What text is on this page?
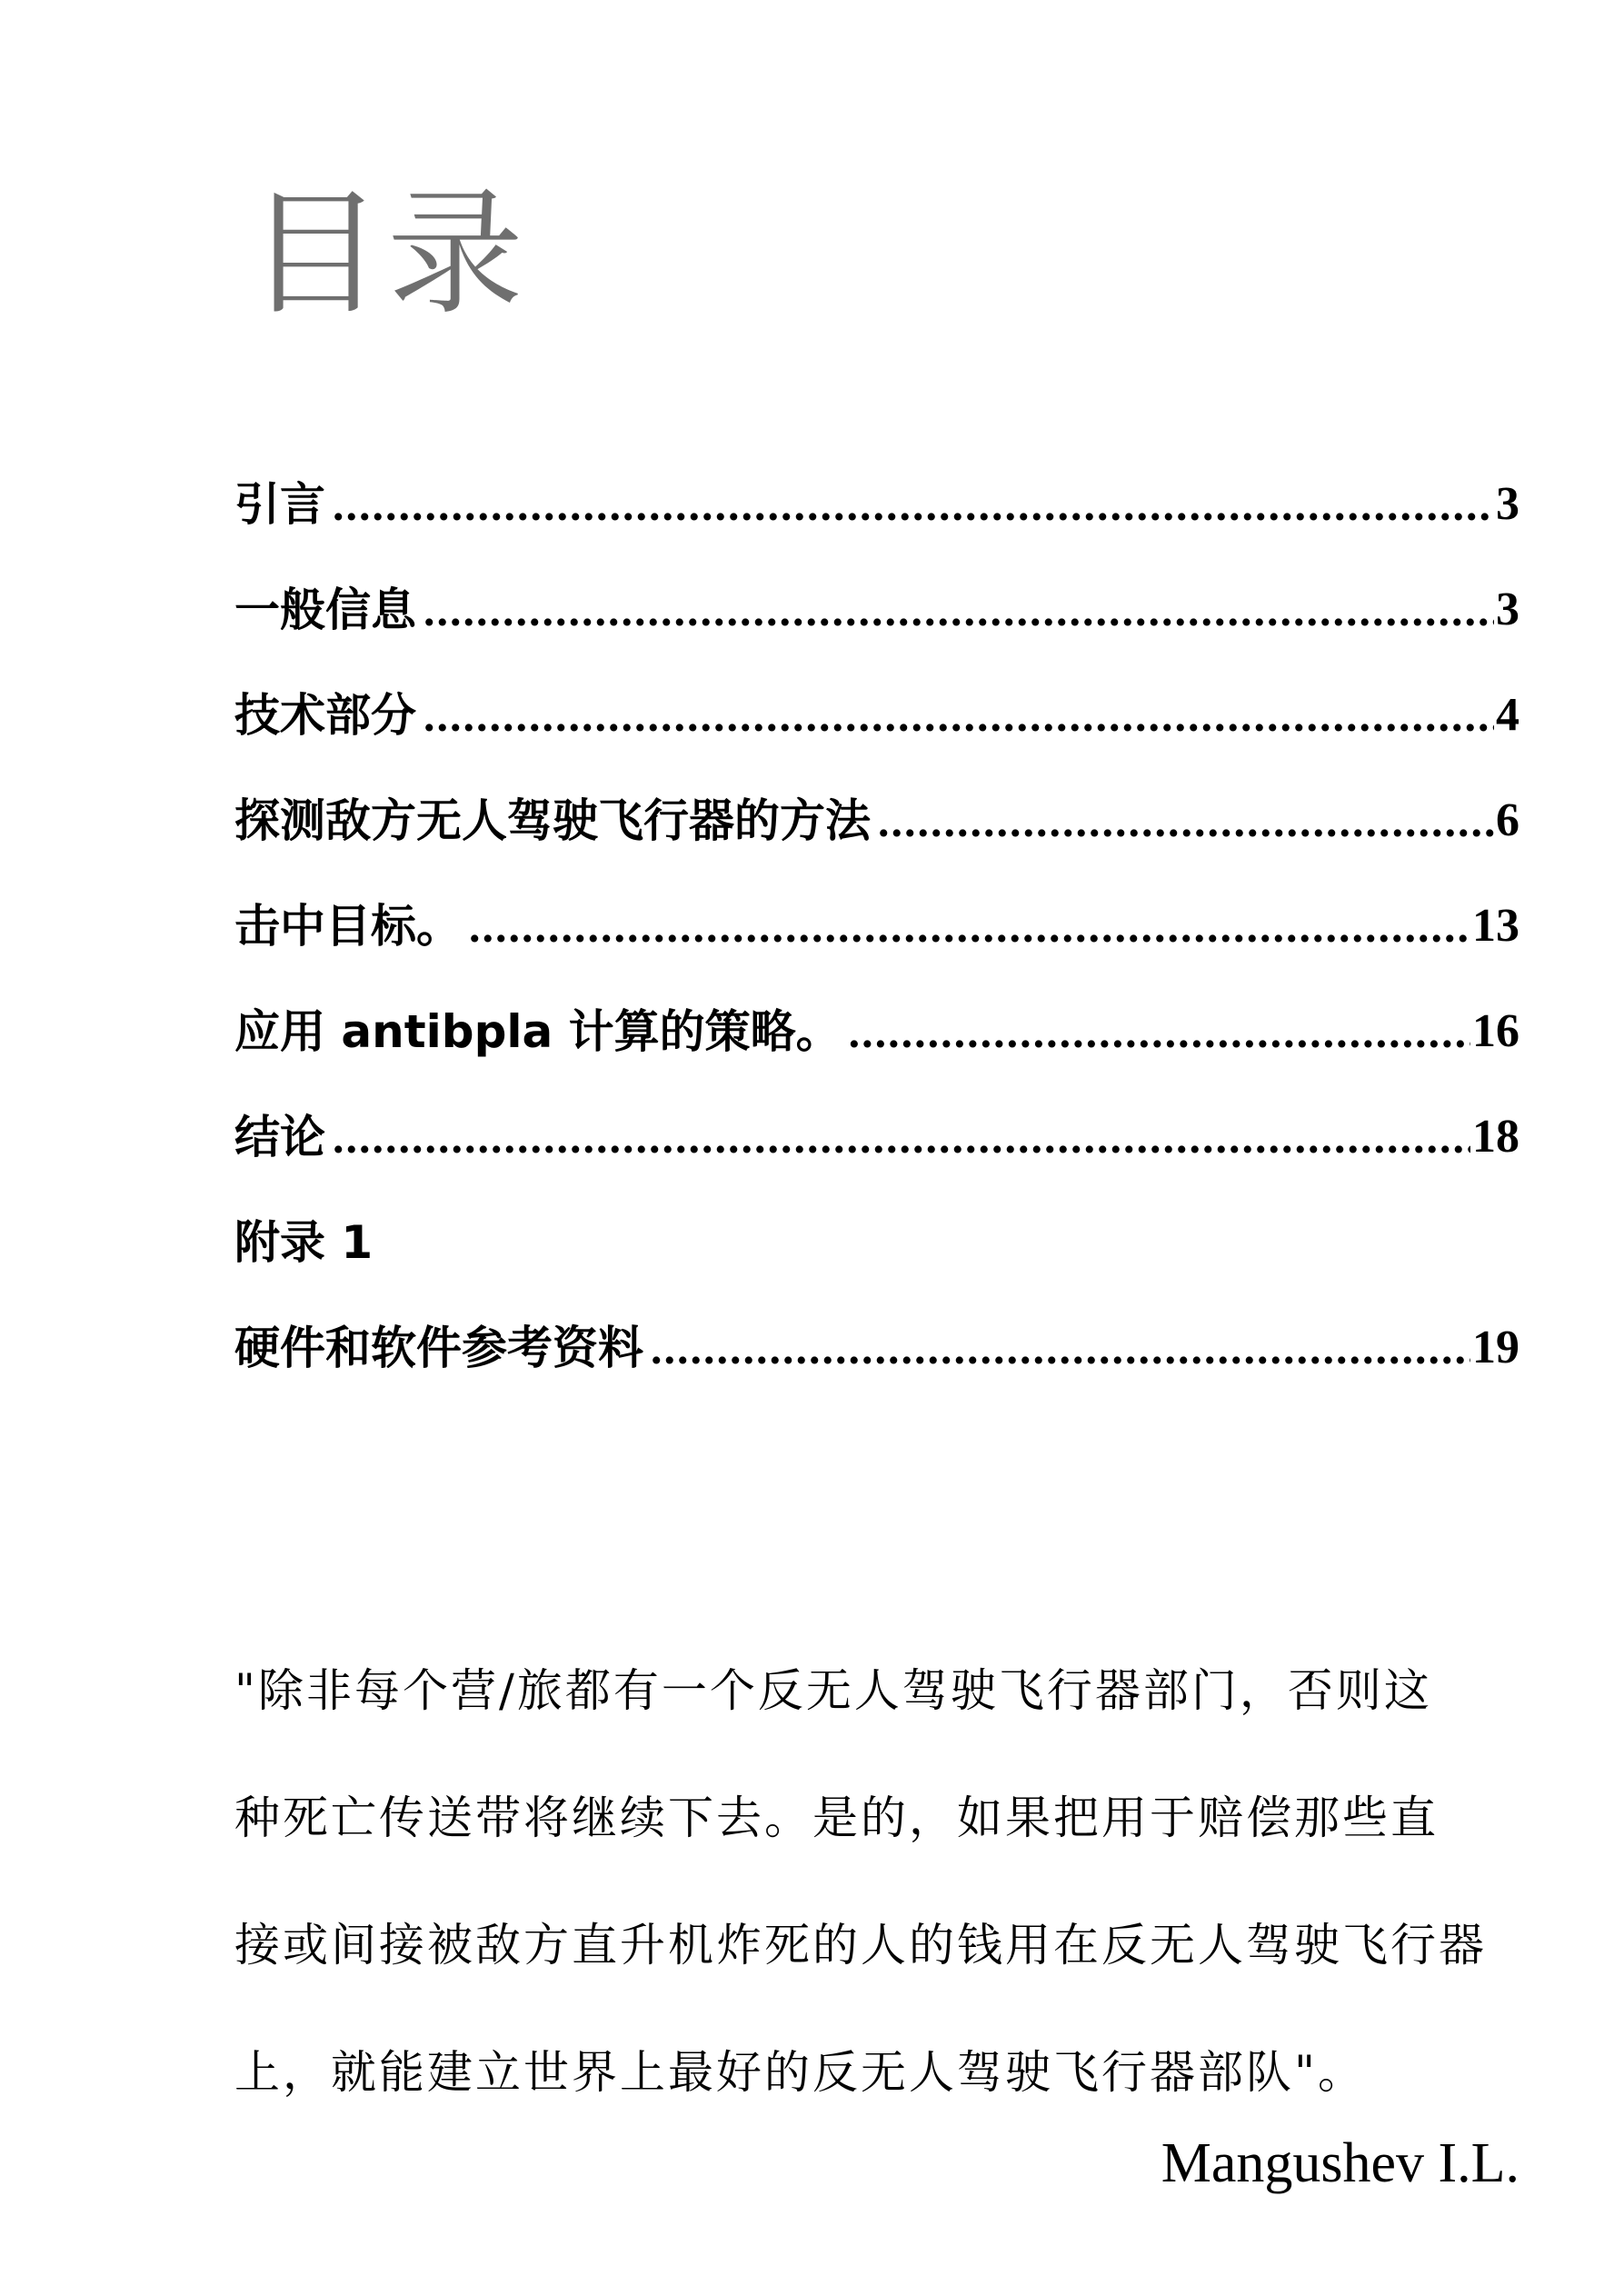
目录
引言 .....	3
一般信息 .....	3
技术部分 .....	4
探测敌方无人驾驶飞行器的方法 .....	6
击中目标。 .....	13
应用 antibpla 计算的策略。 .....	16
结论 .....	18
附录 1
硬件和软件参考资料 .....	19
"除非每个营/旅都有一个反无人驾驶飞行器部门，否则这
种死亡传送带将继续下去。是的，如果把用于赔偿那些直
接或间接被敌方直升机炸死的人的钱用在反无人驾驶飞行器
上，就能建立世界上最好的反无人驾驶飞行器部队"。
Mangushev I.L.
